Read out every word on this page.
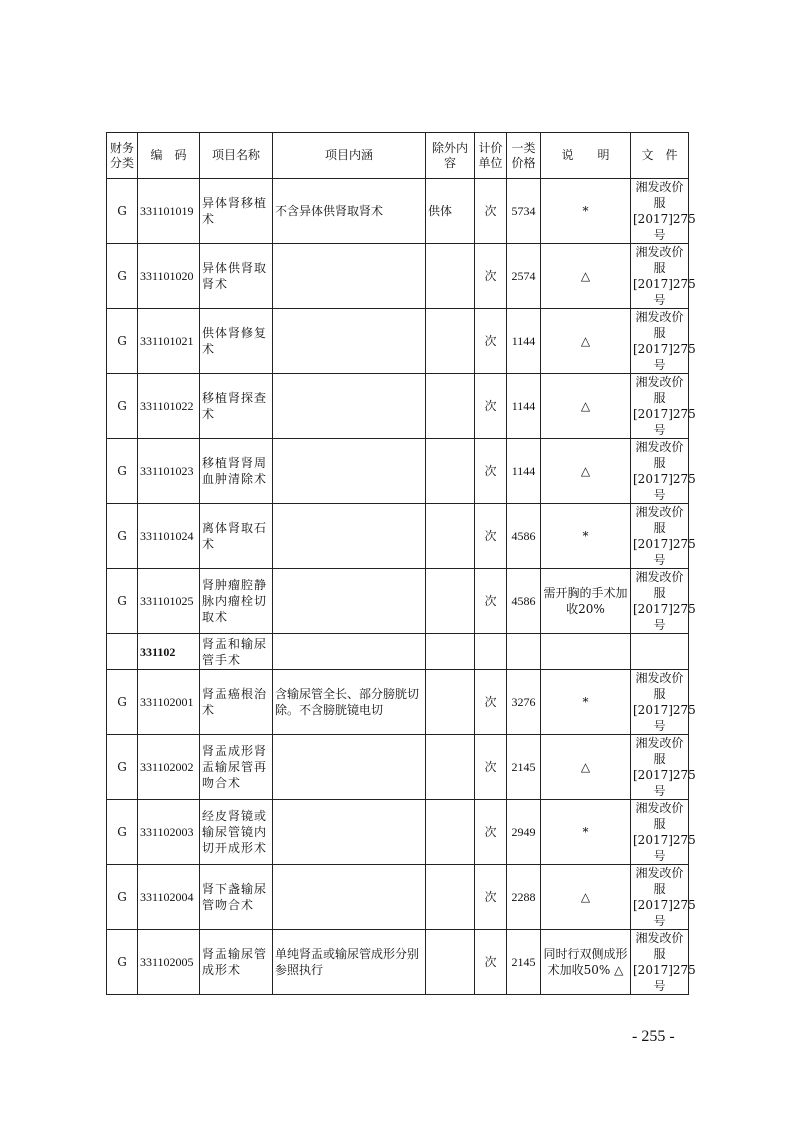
财务分类	编　码	项目名称	项目内涵	除外内容	计价单位	一类价格	说　　明	文　件
G	331101019	异体肾移植术	不含异体供肾取肾术	供体	次	5734	*	湘发改价服[2017]275号
G	331101020	异体供肾取肾术			次	2574	△	湘发改价服[2017]275号
G	331101021	供体肾修复术			次	1144	△	湘发改价服[2017]275号
G	331101022	移植肾探查术			次	1144	△	湘发改价服[2017]275号
G	331101023	移植肾肾周血肿清除术			次	1144	△	湘发改价服[2017]275号
G	331101024	离体肾取石术			次	4586	*	湘发改价服[2017]275号
G	331101025	肾肿瘤腔静脉内瘤栓切取术			次	4586	需开胸的手术加收20%	湘发改价服[2017]275号
	331102	肾盂和输尿管手术						
G	331102001	肾盂癌根治术	含输尿管全长、部分膀胱切除。不含膀胱镜电切		次	3276	*	湘发改价服[2017]275号
G	331102002	肾盂成形肾盂输尿管再吻合术			次	2145	△	湘发改价服[2017]275号
G	331102003	经皮肾镜或输尿管镜内切开成形术			次	2949	*	湘发改价服[2017]275号
G	331102004	肾下盏输尿管吻合术			次	2288	△	湘发改价服[2017]275号
G	331102005	肾盂输尿管成形术	单纯肾盂或输尿管成形分别参照执行		次	2145	同时行双侧成形术加收50% △	湘发改价服[2017]275号
- 255 -
